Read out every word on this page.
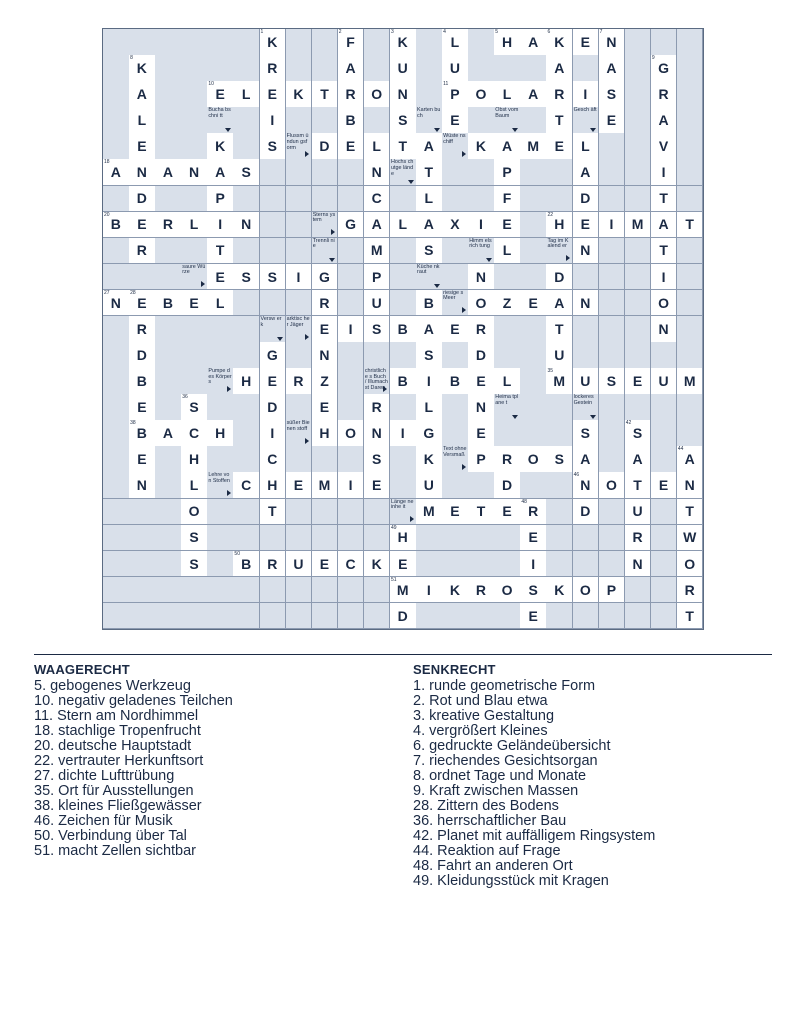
1
K
2
F
3
K
4
L
5
H	A
6
K	E
7
N
8
K	R	A	U	U	A	A
9
G
A
10
E	L	E	K	T	R	O	N
11
P	O	L	A	R	I	S	R
L
Bucha bschni tt	I	B	S
Karten buch	E
Obst vom Baum	T
Gesch äft
E	A
E	K	S
Flussm ündun gsform	D	E	L	T	A
Wüste nschiff	K	A	M	E	L	V
18
A	N	A	N	A	S	N
Hochs chutge lände	T	P	A	I
D	P	C	L	F	D	T
20
B	E	R	L	I	N
Sterns ystem	G	A	L	A	X	I	E
22
H	E	I	M	A	T
R	T
Trennli nie	M	S
Himm elsrich tung L
Tag im Kalend er N	T
saure Würze	E	S	S	I	G	P
Küche nkraut	N	D	I
27
N
28
E	B	E	L	R	U	B
riesige s Meer	O	Z	E	A	N	O
R
Versw erk
arktisc her Jäger	E	I	S	B	A	E	R	T	N
D	G	N	S	D	U
B
Pumpe des Körpers	H	E	R	Z
christliche s Buch / Illumachst Daren B	I	B	E	L
35
M	U	S	E	U	M
E
36
S	D	E	R	L	N
Heima tplane t
lockeres Gestein
38
B	A	C	H	I
süßer Bienen stoff H	O	N	I	G	E	S
42
S
E	H	C	S	K
Text ohne Versmaß P	R	O	S	A	A
44
A
N	L
Lehre von Stoffen C	H	E	M	I	E	U	D
46
N	O	T	E	N
O	T
Länge neinhe it	M	E	T	E
48
R	D	U	T
S
49
H	E	R	W
S
50
B	R	U	E	C	K	E	I	N	O
51
M	I	K	R	O	S	K	O	P	R
D	E	T
WAAGERECHT
5. gebogenes Werkzeug
10. negativ geladenes Teilchen
11. Stern am Nordhimmel
18. stachlige Tropenfrucht
20. deutsche Hauptstadt
22. vertrauter Herkunftsort
27. dichte Lufttrübung
35. Ort für Ausstellungen
38. kleines Fließgewässer
46. Zeichen für Musik
50. Verbindung über Tal
51. macht Zellen sichtbar
SENKRECHT
1. runde geometrische Form
2. Rot und Blau etwa
3. kreative Gestaltung
4. vergrößert Kleines
6. gedruckte Geländeübersicht
7. riechendes Gesichtsorgan
8. ordnet Tage und Monate
9. Kraft zwischen Massen
28. Zittern des Bodens
36. herrschaftlicher Bau
42. Planet mit auffälligem Ringsystem
44. Reaktion auf Frage
48. Fahrt an anderen Ort
49. Kleidungsstück mit Kragen
